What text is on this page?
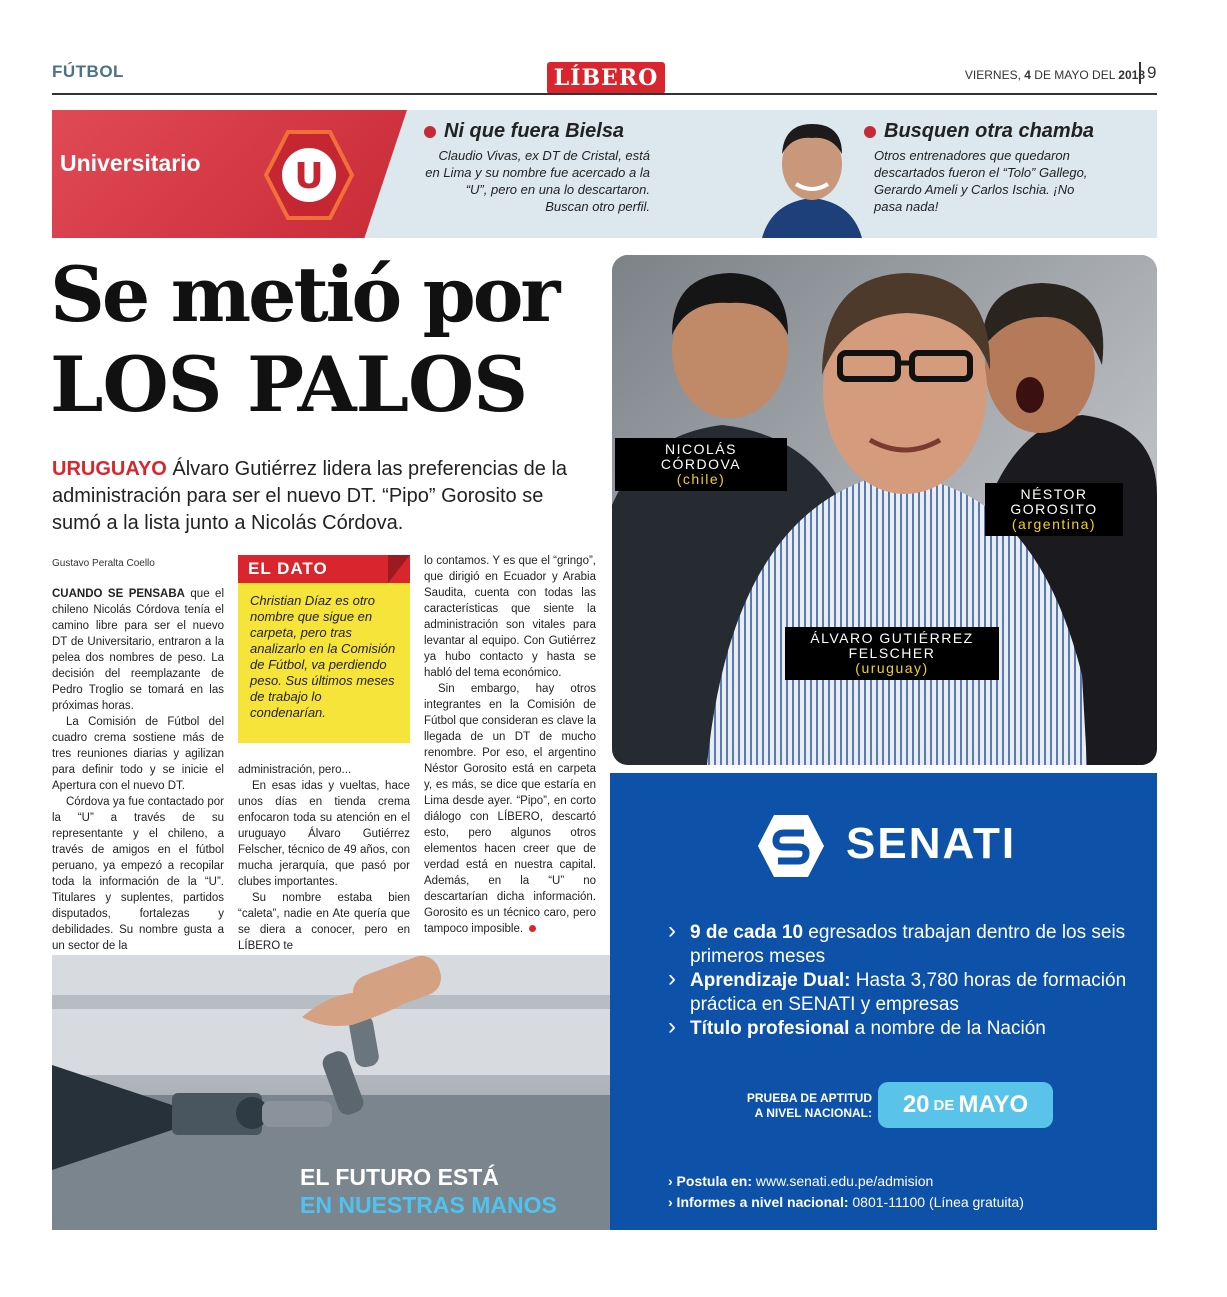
FÚTBOL	LÍBERO	VIERNES, 4 DE MAYO DEL 2018 9
Universitario	U
Ni que fuera Bielsa
Claudio Vivas, ex DT de Cristal, está en Lima y su nombre fue acercado a la “U”, pero en una lo descartaron. Buscan otro perfil.
Busquen otra chamba
Otros entrenadores que quedaron descartados fueron el “Tolo” Gallego, Gerardo Ameli y Carlos Ischia. ¡No pasa nada!
Se metió por
LOS PALOS
URUGUAYO Álvaro Gutiérrez lidera las preferencias de la administración para ser el nuevo DT. “Pipo” Gorosito se sumó a la lista junto a Nicolás Córdova.
Gustavo Peralta Coello

CUANDO SE PENSABA que el chileno Nicolás Córdova tenía el camino libre para ser el nuevo DT de Universitario, entraron a la pelea dos nombres de peso. La decisión del reemplazante de Pedro Troglio se tomará en las próximas horas.

La Comisión de Fútbol del cuadro crema sostiene más de tres reuniones diarias y agilizan para definir todo y se inicie el Apertura con el nuevo DT.

Córdova ya fue contactado por la “U” a través de su representante y el chileno, a través de amigos en el fútbol peruano, ya empezó a recopilar toda la información de la “U”. Titulares y suplentes, partidos disputados, fortalezas y debilidades. Su nombre gusta a un sector de la

EL DATO
Christian Díaz es otro nombre que sigue en carpeta, pero tras analizarlo en la Comisión de Fútbol, va perdiendo peso. Sus últimos meses de trabajo lo condenarían.

administración, pero...

En esas idas y vueltas, hace unos días en tienda crema enfocaron toda su atención en el uruguayo Álvaro Gutiérrez Felscher, técnico de 49 años, con mucha jerarquía, que pasó por clubes importantes.

Su nombre estaba bien “caleta”, nadie en Ate quería que se diera a conocer, pero en LÍBERO te

lo contamos. Y es que el “gringo”, que dirigió en Ecuador y Arabia Saudita, cuenta con todas las características que siente la administración son vitales para levantar al equipo. Con Gutiérrez ya hubo contacto y hasta se habló del tema económico.

Sin embargo, hay otros integrantes en la Comisión de Fútbol que consideran es clave la llegada de un DT de mucho renombre. Por eso, el argentino Néstor Gorosito está en carpeta y, es más, se dice que estaría en Lima desde ayer. “Pipo”, en corto diálogo con LÍBERO, descartó esto, pero algunos otros elementos hacen creer que de verdad está en nuestra capital. Además, en la “U” no descartarían dicha información. Gorosito es un técnico caro, pero tampoco imposible.

NICOLÁS
CÓRDOVA
(chile)
NÉSTOR
GOROSITO
(argentina)
ÁLVARO GUTIÉRREZ
FELSCHER
(uruguay)
SENATI
› 9 de cada 10 egresados trabajan dentro de los seis primeros meses
› Aprendizaje Dual: Hasta 3,780 horas de formación práctica en SENATI y empresas
› Título profesional a nombre de la Nación
PRUEBA DE APTITUD
A NIVEL NACIONAL: 20 DE MAYO
› Postula en: www.senati.edu.pe/admision
› Informes a nivel nacional: 0801-11100 (Línea gratuita)
EL FUTURO ESTÁ
EN NUESTRAS MANOS
